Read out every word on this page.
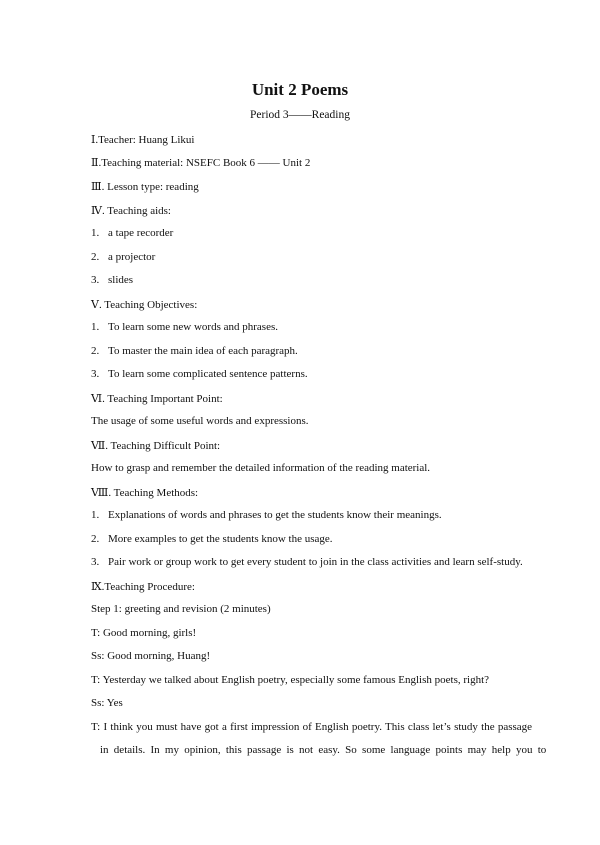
Unit 2 Poems
Period 3——Reading
Ⅰ.Teacher: Huang Likui
Ⅱ.Teaching material: NSEFC Book 6 —— Unit 2
Ⅲ. Lesson type: reading
Ⅳ. Teaching aids:
1. a tape recorder
2. a projector
3. slides
Ⅴ. Teaching Objectives:
1. To learn some new words and phrases.
2. To master the main idea of each paragraph.
3. To learn some complicated sentence patterns.
Ⅵ. Teaching Important Point:
The usage of some useful words and expressions.
Ⅶ. Teaching Difficult Point:
How to grasp and remember the detailed information of the reading material.
Ⅷ. Teaching Methods:
1. Explanations of words and phrases to get the students know their meanings.
2. More examples to get the students know the usage.
3. Pair work or group work to get every student to join in the class activities and learn self-study.
Ⅸ.Teaching Procedure:
Step 1: greeting and revision (2 minutes)
T: Good morning, girls!
Ss: Good morning, Huang!
T: Yesterday we talked about English poetry, especially some famous English poets, right?
Ss: Yes
T: I think you must have got a first impression of English poetry. This class let’s study the passage
in details. In my opinion, this passage is not easy. So some language points may help you to
